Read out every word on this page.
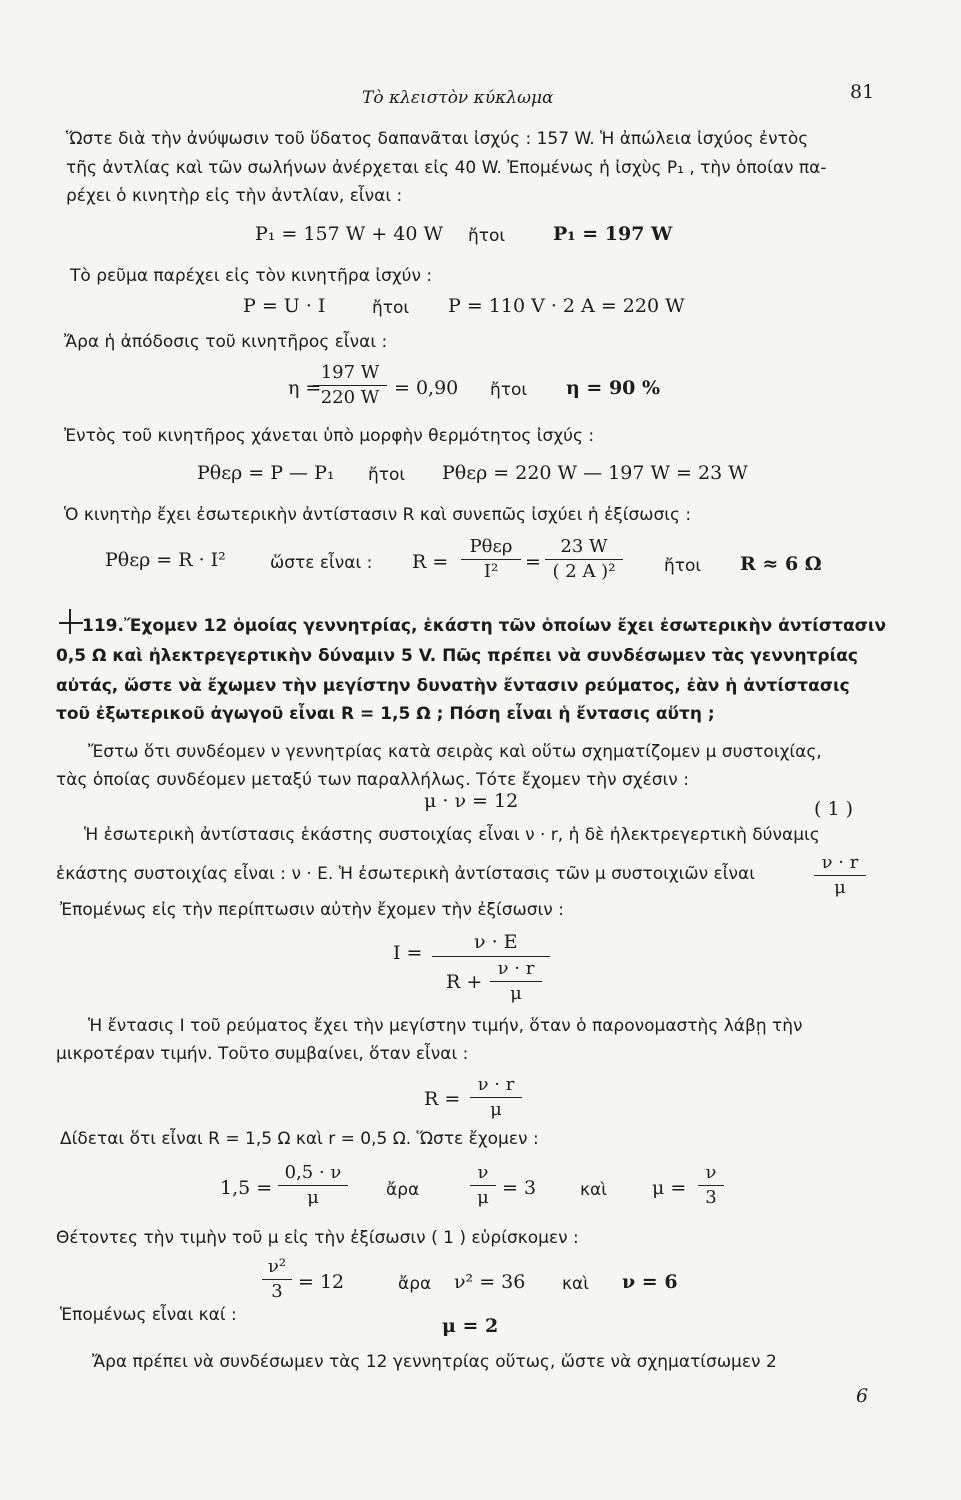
Τὸ κλειστὸν κύκλωμα	81
Ὥστε διὰ τὴν ἀνύψωσιν τοῦ ὕδατος δαπανᾶται ἰσχύς : 157 W. Ἡ ἀπώλεια ἰσχύος ἐντὸς
τῆς ἀντλίας καὶ τῶν σωλήνων ἀνέρχεται εἰς 40 W. Ἐπομένως ἡ ἰσχὺς P₁ , τὴν ὁποίαν πα-
ρέχει ὁ κινητὴρ εἰς τὴν ἀντλίαν, εἶναι :
P₁ = 157 W + 40 W ἤτοι	P₁ = 197 W
Τὸ ρεῦμα παρέχει εἰς τὸν κινητῆρα ἰσχύν :
P = U · I	ἤτοι P = 110 V · 2 A = 220 W
Ἄρα ἡ ἀπόδοσις τοῦ κινητῆρος εἶναι :
η =
197 W
220 W = 0,90 ἤτοι η = 90 %
Ἐντὸς τοῦ κινητῆρος χάνεται ὑπὸ μορφὴν θερμότητος ἰσχύς :
Pθερ = P — P₁ ἤτοι Pθερ = 220 W — 197 W = 23 W
Ὁ κινητὴρ ἔχει ἐσωτερικὴν ἀντίστασιν R καὶ συνεπῶς ἰσχύει ἡ ἐξίσωσις :
Pθερ = R · I²	ὥστε εἶναι : R =
Pθερ
I²	=
23 W
( 2 A )²	ἤτοι R ≈ 6 Ω
119. Ἔχομεν 12 ὁμοίας γεννητρίας, ἑκάστη τῶν ὁποίων ἔχει ἐσωτερικὴν ἀντίστασιν
0,5 Ω καὶ ἠλεκτρεγερτικὴν δύναμιν 5 V. Πῶς πρέπει νὰ συνδέσωμεν τὰς γεννητρίας
αὐτάς, ὥστε νὰ ἔχωμεν τὴν μεγίστην δυνατὴν ἔντασιν ρεύματος, ἐὰν ἡ ἀντίστασις
τοῦ ἐξωτερικοῦ ἀγωγοῦ εἶναι R = 1,5 Ω ; Πόση εἶναι ἡ ἔντασις αὕτη ;
Ἔστω ὅτι συνδέομεν ν γεννητρίας κατὰ σειρὰς καὶ οὕτω σχηματίζομεν μ συστοιχίας,
τὰς ὁποίας συνδέομεν μεταξύ των παραλλήλως. Τότε ἔχομεν τὴν σχέσιν :
μ · ν = 12	( 1 )
Ἡ ἐσωτερικὴ ἀντίστασις ἑκάστης συστοιχίας εἶναι ν · r, ἡ δὲ ἠλεκτρεγερτικὴ δύναμις
ἑκάστης συστοιχίας εἶναι : ν · E. Ἡ ἐσωτερικὴ ἀντίστασις τῶν μ συστοιχιῶν εἶναι
ν · r
μ
Ἐπομένως εἰς τὴν περίπτωσιν αὐτὴν ἔχομεν τὴν ἐξίσωσιν :
I =	ν · E
R +
ν · r
μ
Ἡ ἔντασις I τοῦ ρεύματος ἔχει τὴν μεγίστην τιμήν, ὅταν ὁ παρονομαστὴς λάβῃ τὴν
μικροτέραν τιμήν. Τοῦτο συμβαίνει, ὅταν εἶναι :
R =
ν · r
μ
Δίδεται ὅτι εἶναι R = 1,5 Ω καὶ r = 0,5 Ω. Ὥστε ἔχομεν :
1,5 =
0,5 · ν
μ	ἄρα
ν
μ = 3	καὶ μ =
ν
3
Θέτοντες τὴν τιμὴν τοῦ μ εἰς τὴν ἐξίσωσιν ( 1 ) εὑρίσκομεν :
ν²
3 = 12	ἄρα ν² = 36 καὶ ν = 6
Ἑπομένως εἶναι καί :	μ = 2
Ἄρα πρέπει νὰ συνδέσωμεν τὰς 12 γεννητρίας οὕτως, ὥστε νὰ σχηματίσωμεν 2
6
